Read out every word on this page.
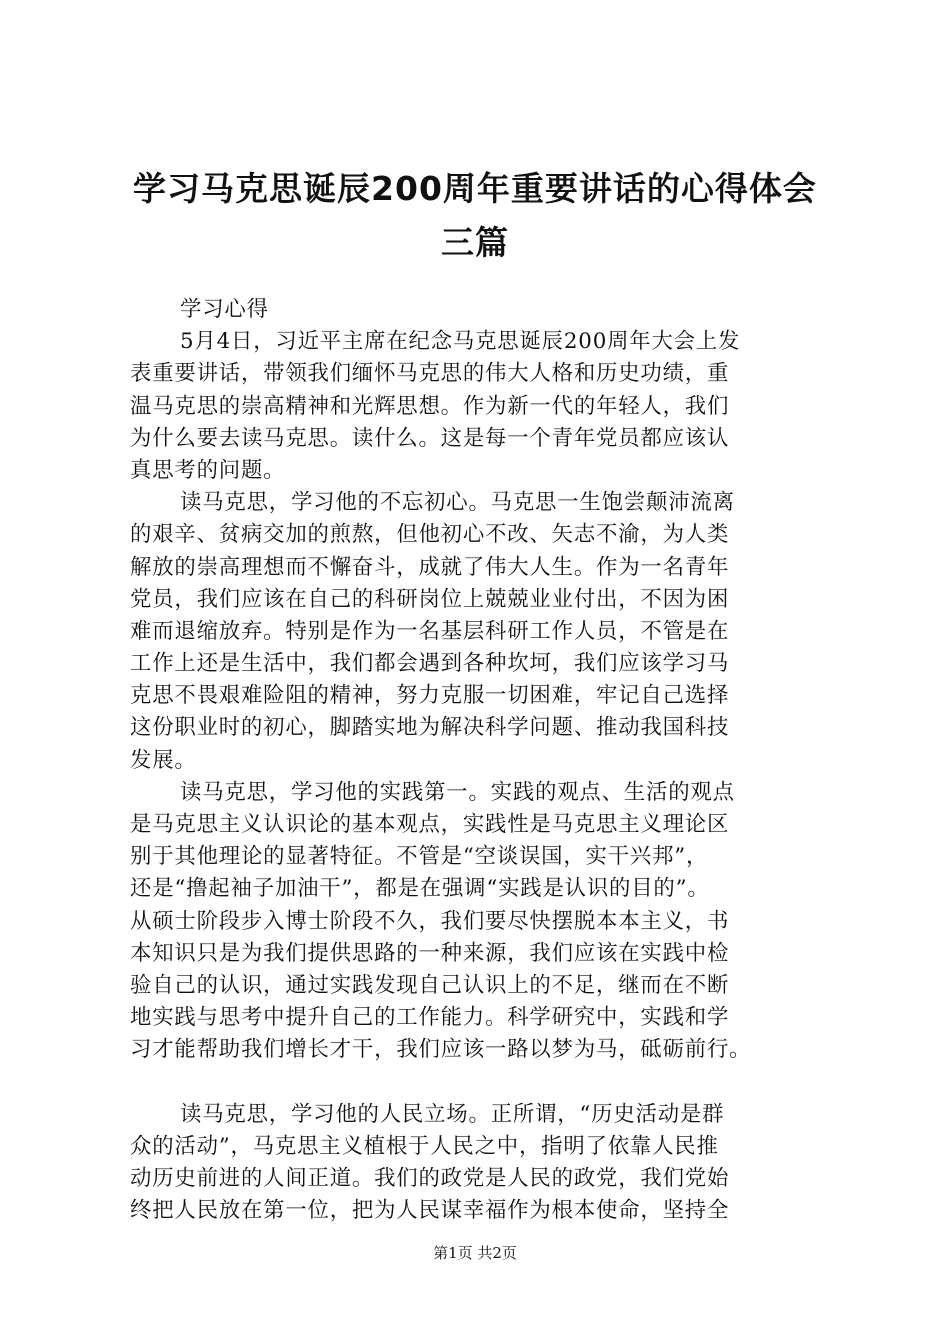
学习马克思诞辰200周年重要讲话的心得体会
三篇
学习心得
5月4日，习近平主席在纪念马克思诞辰200周年大会上发
表重要讲话，带领我们缅怀马克思的伟大人格和历史功绩，重
温马克思的崇高精神和光辉思想。作为新一代的年轻人，我们
为什么要去读马克思。读什么。这是每一个青年党员都应该认
真思考的问题。
读马克思，学习他的不忘初心。马克思一生饱尝颠沛流离
的艰辛、贫病交加的煎熬，但他初心不改、矢志不渝，为人类
解放的崇高理想而不懈奋斗，成就了伟大人生。作为一名青年
党员，我们应该在自己的科研岗位上兢兢业业付出，不因为困
难而退缩放弃。特别是作为一名基层科研工作人员，不管是在
工作上还是生活中，我们都会遇到各种坎坷，我们应该学习马
克思不畏艰难险阻的精神，努力克服一切困难，牢记自己选择
这份职业时的初心，脚踏实地为解决科学问题、推动我国科技
发展。
读马克思，学习他的实践第一。实践的观点、生活的观点
是马克思主义认识论的基本观点，实践性是马克思主义理论区
别于其他理论的显著特征。不管是“空谈误国，实干兴邦”，
还是“撸起袖子加油干”，都是在强调“实践是认识的目的”。
从硕士阶段步入博士阶段不久，我们要尽快摆脱本本主义，书
本知识只是为我们提供思路的一种来源，我们应该在实践中检
验自己的认识，通过实践发现自己认识上的不足，继而在不断
地实践与思考中提升自己的工作能力。科学研究中，实践和学
习才能帮助我们增长才干，我们应该一路以梦为马，砥砺前行。
读马克思，学习他的人民立场。正所谓，“历史活动是群
众的活动”，马克思主义植根于人民之中，指明了依靠人民推
动历史前进的人间正道。我们的政党是人民的政党，我们党始
终把人民放在第一位，把为人民谋幸福作为根本使命，坚持全
第1页 共2页
